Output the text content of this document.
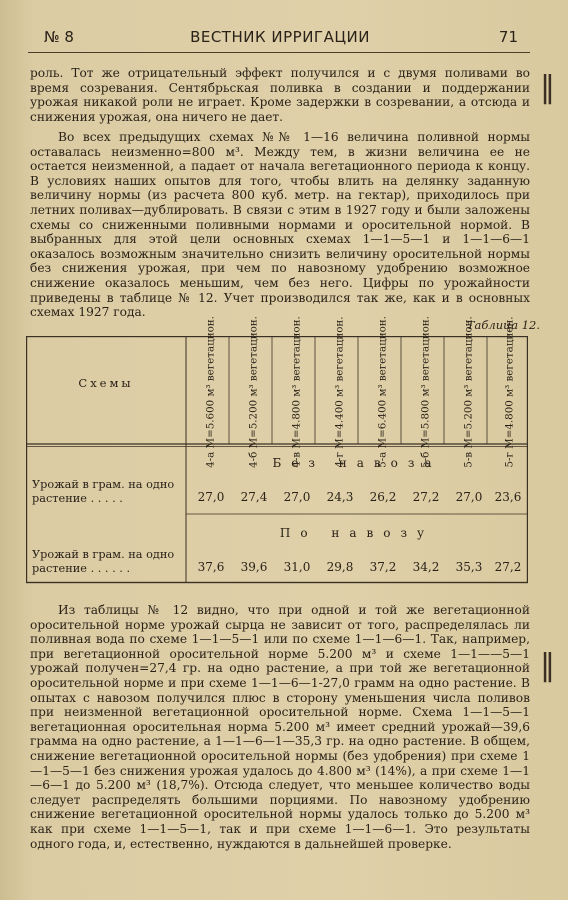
№ 8	ВЕСТНИК ИРРИГАЦИИ	71

роль. Тот же отрицательный эффект получился и с двумя поливами во время созревания. Сентябрьская поливка в создании и поддержании урожая никакой роли не играет. Кроме задержки в созревании, а отсюда и снижения урожая, она ничего не дает.

Во всех предыдущих схемах №№ 1—16 величина поливной нормы оставалась неизменно=800 м³. Между тем, в жизни величина ее не остается неизменной, а падает от начала вегетационного периода к концу. В условиях наших опытов для того, чтобы влить на делянку заданную величину нормы (из расчета 800 куб. метр. на гектар), приходилось при летних поливах—дублировать. В связи с этим в 1927 году и были заложены схемы со сниженными поливными нормами и оросительной нормой. В выбранных для этой цели основных схемах 1—1—5—1 и 1—1—6—1 оказалось возможным значительно снизить величину оросительной нормы без снижения урожая, при чем по навозному удобрению возможное снижение оказалось меньшим, чем без него. Цифры по урожайности приведены в таблице № 12. Учет производился так же, как и в основных схемах 1927 года.

Таблица 12.
Схемы	4-а М=5.600 м³ вегетацион.	4-б М=5.200 м³ вегетацион.	4-в М=4.800 м³ вегетацион.	4-г М=4.400 м³ вегетацион.	5-а М=6.400 м³ вегетацион.	5-б М=5.800 м³ вегетацион.	5-в М=5.200 м³ вегетацион.	5-г М=4.800 м³ вегетацион.
Без навоза
Урожай в грам. на одно растение . . . . .	27,0	27,4	27,0	24,3	26,2	27,2	27,0	23,6
По навозу
Урожай в грам. на одно растение . . . . . .	37,6	39,6	31,0	29,8	37,2	34,2	35,3	27,2

Из таблицы № 12 видно, что при одной и той же вегетационной оросительной норме урожай сырца не зависит от того, распределялась ли поливная вода по схеме 1—1—5—1 или по схеме 1—1—6—1. Так, например, при вегетационной оросительной норме 5.200 м³ и схеме 1—1——5—1 урожай получен=27,4 гр. на одно растение, а при той же вегетационной оросительной норме и при схеме 1—1—6—1-27,0 грамм на одно растение. В опытах с навозом получился плюс в сторону уменьшения числа поливов при неизменной вегетационной оросительной норме. Схема 1—1—5—1 вегетационная оросительная норма 5.200 м³ имеет средний урожай—39,6 грамма на одно растение, а 1—1—6—1—35,3 гр. на одно растение. В общем, снижение вегетационной оросительной нормы (без удобрения) при схеме 1—1—5—1 без снижения урожая удалось до 4.800 м³ (14%), а при схеме 1—1—6—1 до 5.200 м³ (18,7%). Отсюда следует, что меньшее количество воды следует распределять большими порциями. По навозному удобрению снижение вегетационной оросительной нормы удалось только до 5.200 м³ как при схеме 1—1—5—1, так и при схеме 1—1—6—1. Это результаты одного года, и, естественно, нуждаются в дальнейшей проверке.

‖
‖
